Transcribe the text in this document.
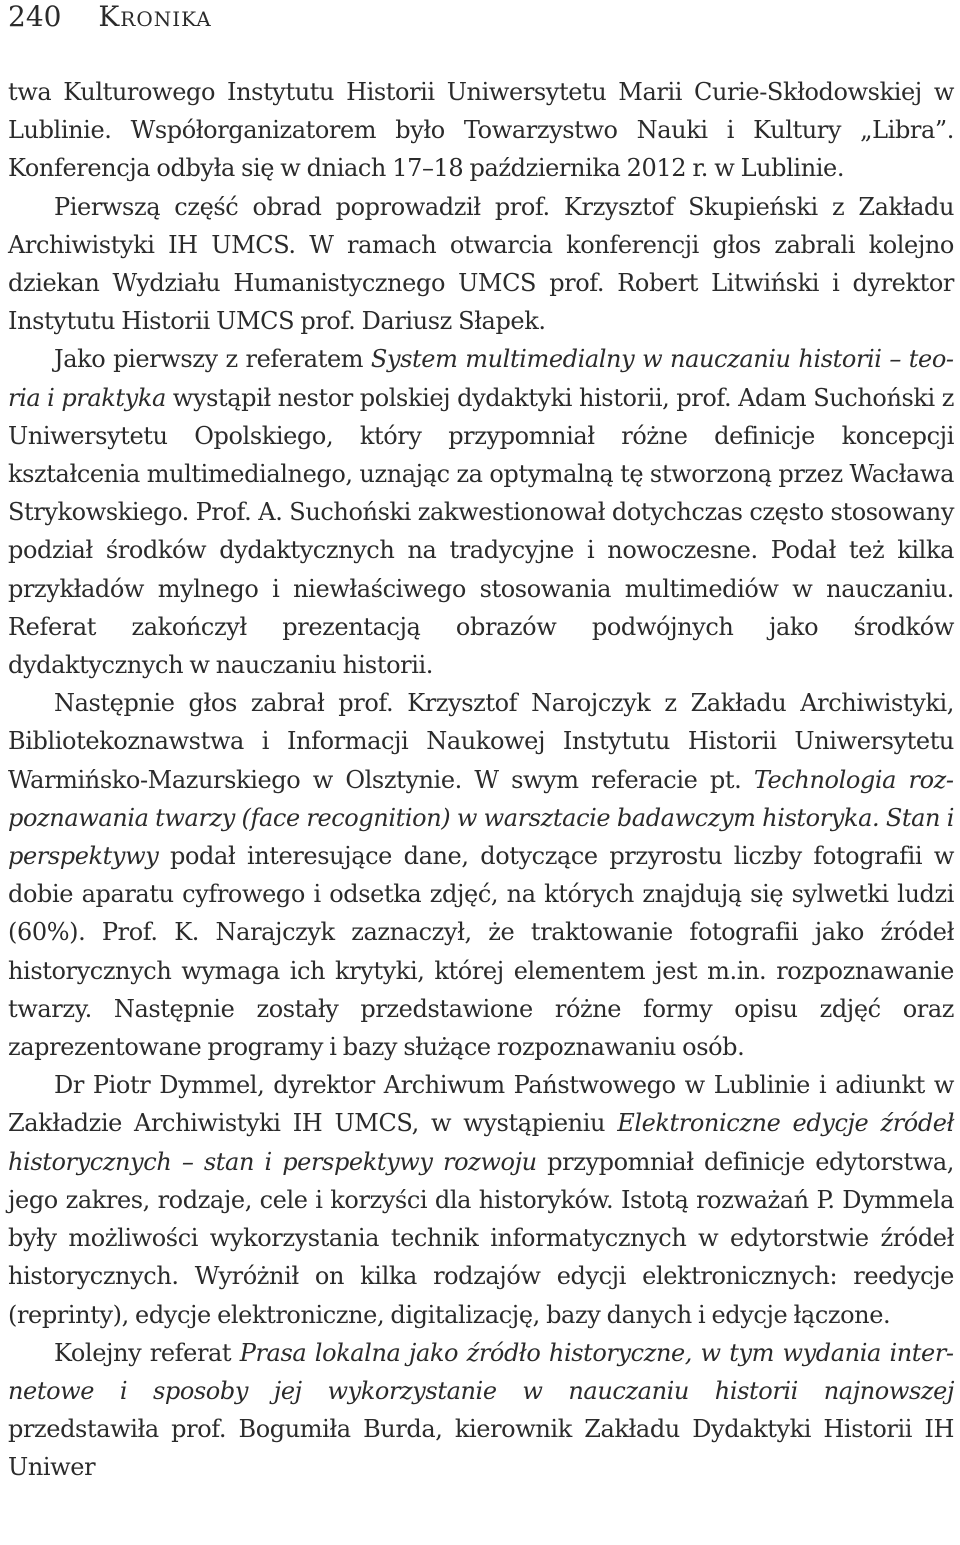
240 Kronika

twa Kulturowego Instytutu Historii Uniwersytetu Marii Curie-Skłodowskiej w Lublinie. Współorganizatorem było Towarzystwo Nauki i Kultury „Libra”. Konferencja odbyła się w dniach 17–18 października 2012 r. w Lublinie.

Pierwszą część obrad poprowadził prof. Krzysztof Skupieński z Zakładu Archiwistyki IH UMCS. W ramach otwarcia konferencji głos zabrali kolejno dziekan Wydziału Humanistycznego UMCS prof. Robert Litwiński i dyrektor Instytutu Historii UMCS prof. Dariusz Słapek.

Jako pierwszy z referatem System multimedialny w nauczaniu historii – teoria i praktyka wystąpił nestor polskiej dydaktyki historii, prof. Adam Suchoński z Uniwersytetu Opolskiego, który przypomniał różne definicje koncepcji kształcenia multimedialnego, uznając za optymalną tę stworzoną przez Wacława Strykowskiego. Prof. A. Suchoński zakwestionował dotychczas często stosowany podział środków dydaktycznych na tradycyjne i nowoczesne. Podał też kilka przykładów mylnego i niewłaściwego stosowania multimediów w nauczaniu. Referat zakończył prezentacją obrazów podwójnych jako środków dydaktycznych w nauczaniu historii.

Następnie głos zabrał prof. Krzysztof Narojczyk z Zakładu Archiwistyki, Bibliotekoznawstwa i Informacji Naukowej Instytutu Historii Uniwersytetu Warmińsko-Mazurskiego w Olsztynie. W swym referacie pt. Technologia rozpoznawania twarzy (face recognition) w warsztacie badawczym historyka. Stan i perspektywy podał interesujące dane, dotyczące przyrostu liczby fotografii w dobie aparatu cyfrowego i odsetka zdjęć, na których znajdują się sylwetki ludzi (60%). Prof. K. Narajczyk zaznaczył, że traktowanie fotografii jako źródeł historycznych wymaga ich krytyki, której elementem jest m.in. rozpoznawanie twarzy. Następnie zostały przedstawione różne formy opisu zdjęć oraz zaprezentowane programy i bazy służące rozpoznawaniu osób.

Dr Piotr Dymmel, dyrektor Archiwum Państwowego w Lublinie i adiunkt w Zakładzie Archiwistyki IH UMCS, w wystąpieniu Elektroniczne edycje źródeł historycznych – stan i perspektywy rozwoju przypomniał definicje edytorstwa, jego zakres, rodzaje, cele i korzyści dla historyków. Istotą rozważań P. Dymmela były możliwości wykorzystania technik informatycznych w edytorstwie źródeł historycznych. Wyróżnił on kilka rodzajów edycji elektronicznych: reedycje (reprinty), edycje elektroniczne, digitalizację, bazy danych i edycje łączone.

Kolejny referat Prasa lokalna jako źródło historyczne, w tym wydania internetowe i sposoby jej wykorzystanie w nauczaniu historii najnowszej przedstawiła prof. Bogumiła Burda, kierownik Zakładu Dydaktyki Historii IH Uniwer
